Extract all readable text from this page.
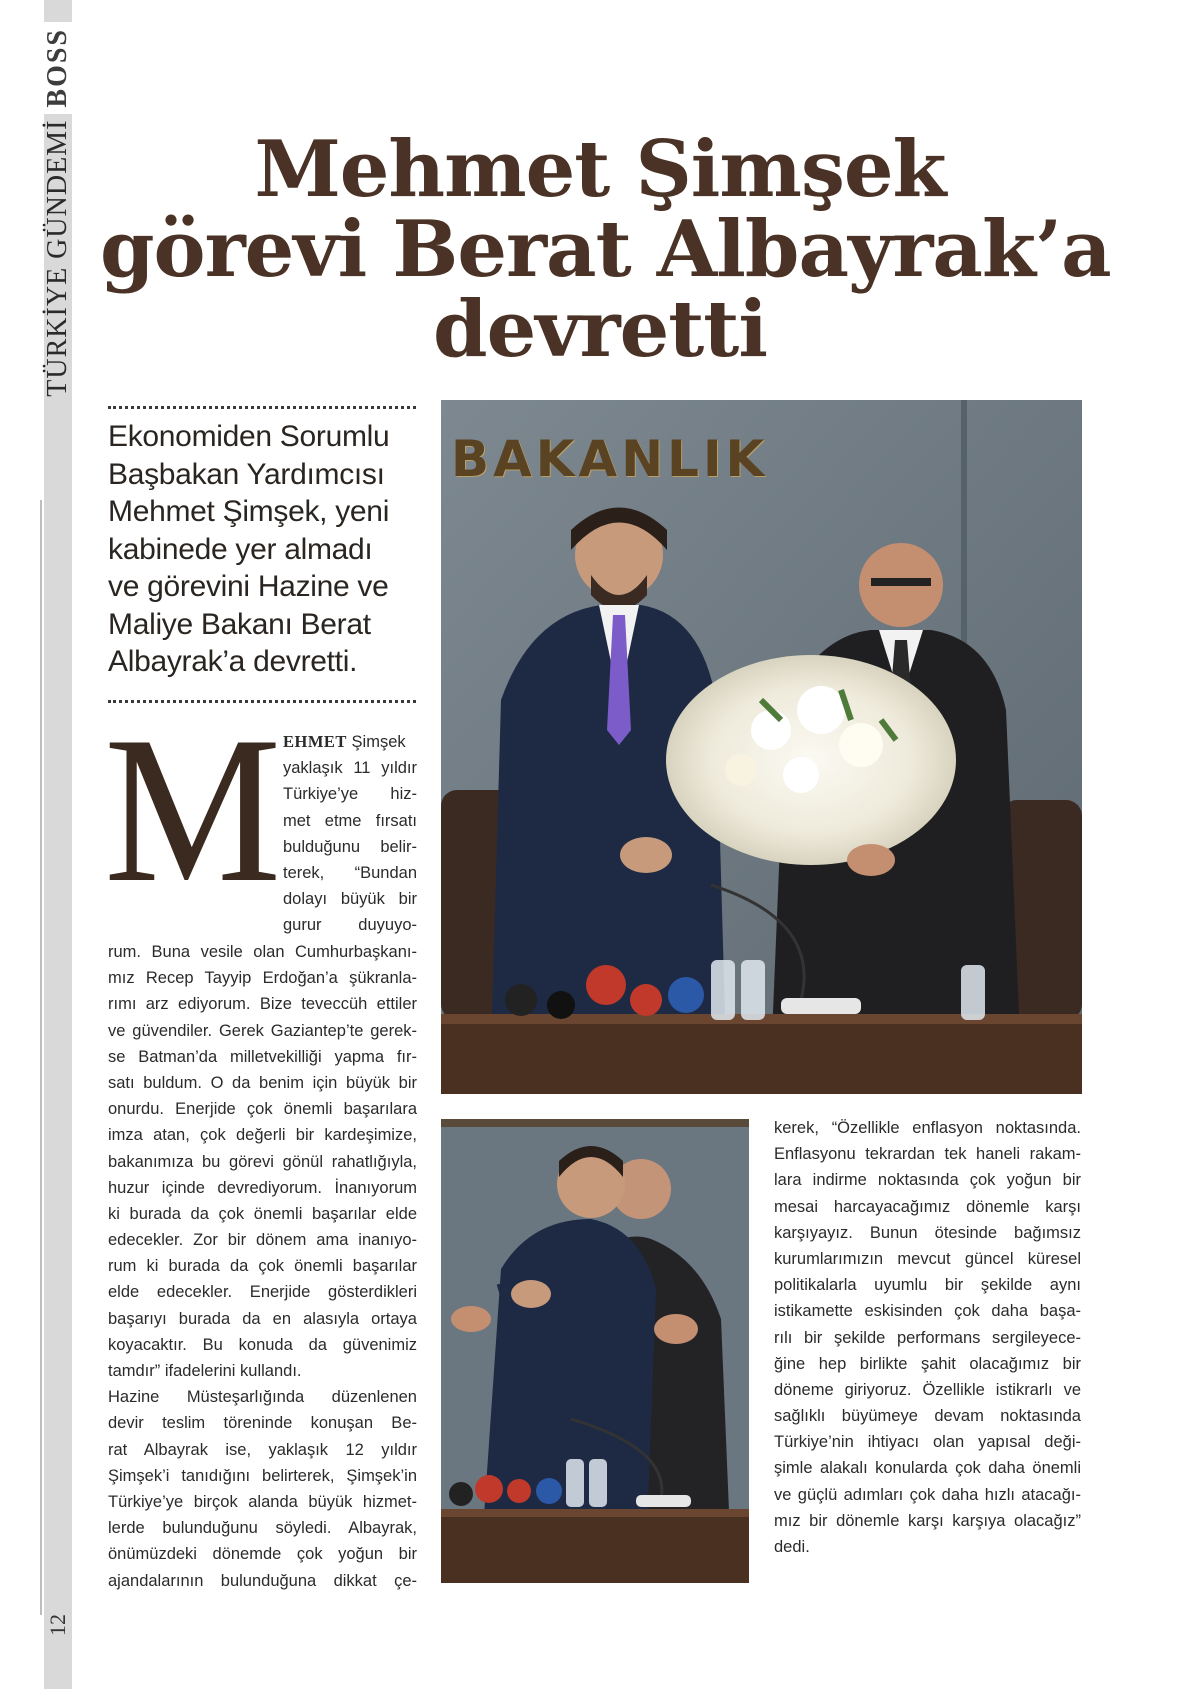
TÜRKİYE GÜNDEMİ
BOSS
12
Mehmet Şimşek
görevi Berat Albayrak’a
devretti
Ekonomiden Sorumlu
Başbakan Yardımcısı
Mehmet Şimşek, yeni
kabinede yer almadı
ve görevini Hazine ve
Maliye Bakanı Berat
Albayrak’a devretti.
M EHMET Şimşek
yaklaşık 11 yıldır
Türkiye’ye hiz-
met etme fırsatı
bulduğunu belir-
terek, “Bundan
dolayı büyük bir
gurur duyuyo-
rum. Buna vesile olan Cumhurbaşkanı-
mız Recep Tayyip Erdoğan’a şükranla-
rımı arz ediyorum. Bize teveccüh ettiler
ve güvendiler. Gerek Gaziantep’te gerek-
se Batman’da milletvekilliği yapma fır-
satı buldum. O da benim için büyük bir
onurdu. Enerjide çok önemli başarılara
imza atan, çok değerli bir kardeşimize,
bakanımıza bu görevi gönül rahatlığıyla,
huzur içinde devrediyorum. İnanıyorum
ki burada da çok önemli başarılar elde
edecekler. Zor bir dönem ama inanıyo-
rum ki burada da çok önemli başarılar
elde edecekler. Enerjide gösterdikleri
başarıyı burada da en alasıyla ortaya
koyacaktır. Bu konuda da güvenimiz
tamdır” ifadelerini kullandı.
Hazine Müsteşarlığında düzenlenen
devir teslim töreninde konuşan Be-
rat Albayrak ise, yaklaşık 12 yıldır
Şimşek’i tanıdığını belirterek, Şimşek’in
Türkiye’ye birçok alanda büyük hizmet-
lerde bulunduğunu söyledi. Albayrak,
önümüzdeki dönemde çok yoğun bir
ajandalarının bulunduğuna dikkat çe-
kerek, “Özellikle enflasyon noktasında.
Enflasyonu tekrardan tek haneli rakam-
lara indirme noktasında çok yoğun bir
mesai harcayacağımız dönemle karşı
karşıyayız. Bunun ötesinde bağımsız
kurumlarımızın mevcut güncel küresel
politikalarla uyumlu bir şekilde aynı
istikamette eskisinden çok daha başa-
rılı bir şekilde performans sergileyece-
ğine hep birlikte şahit olacağımız bir
döneme giriyoruz. Özellikle istikrarlı ve
sağlıklı büyümeye devam noktasında
Türkiye’nin ihtiyacı olan yapısal deği-
şimle alakalı konularda çok daha önemli
ve güçlü adımları çok daha hızlı atacağı-
mız bir dönemle karşı karşıya olacağız”
dedi.
BAKANLIK
